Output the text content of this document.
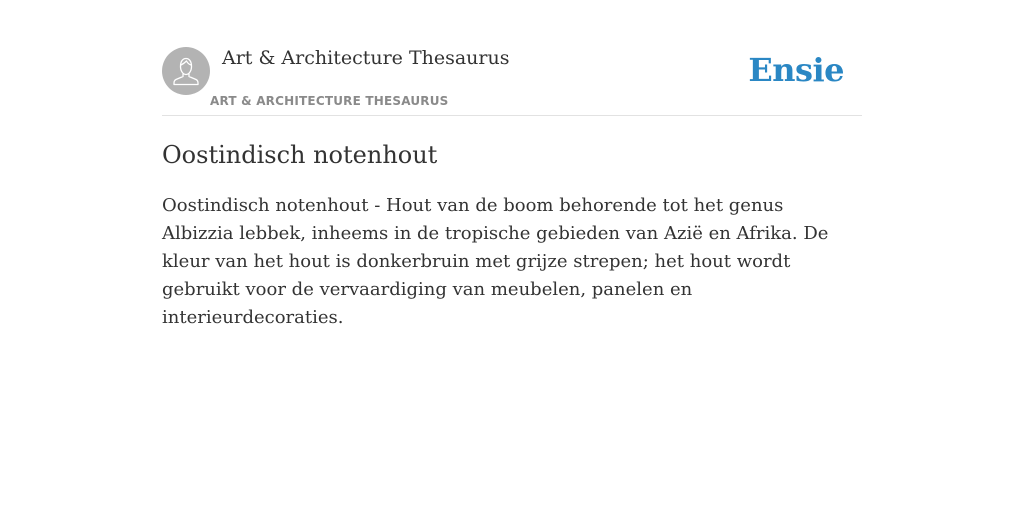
Art & Architecture Thesaurus
ART & ARCHITECTURE THESAURUS
Ensie
Oostindisch notenhout

Oostindisch notenhout - Hout van de boom behorende tot het genus Albizzia lebbek, inheems in de tropische gebieden van Azië en Afrika. De kleur van het hout is donkerbruin met grijze strepen; het hout wordt gebruikt voor de vervaardiging van meubelen, panelen en interieurdecoraties.
